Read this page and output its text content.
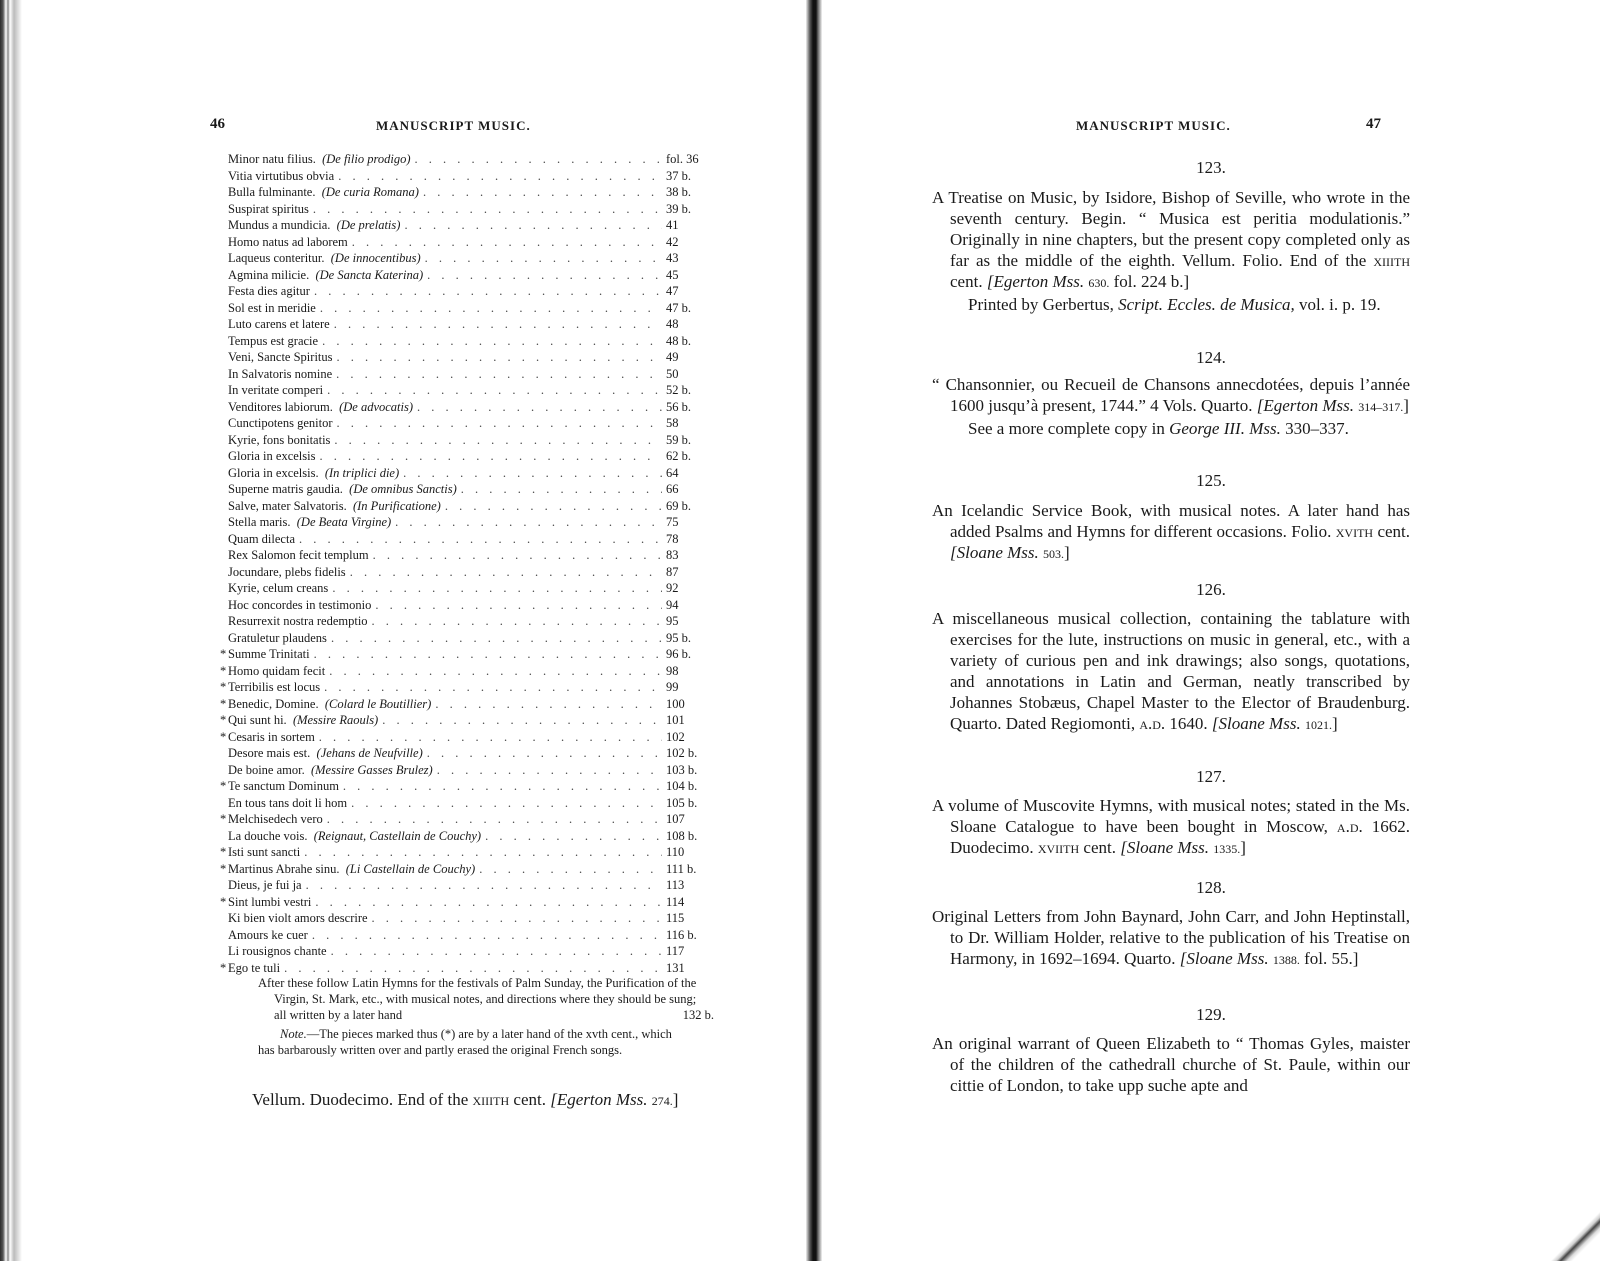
46	MANUSCRIPT MUSIC.
Minor natu filius. (De filio prodigo) . . .	fol. 36
Vitia virtutibus obvia . . .	37 b.
Bulla fulminante. (De curia Romana) . . .	38 b.
Suspirat spiritus . . .	39 b.
Mundus a mundicia. (De prelatis) . . .	41
Homo natus ad laborem . . .	42
Laqueus conteritur. (De innocentibus) . . .	43
Agmina milicie. (De Sancta Katerina) . . .	45
Festa dies agitur . . .	47
Sol est in meridie . . .	47 b.
Luto carens et latere . . .	48
Tempus est gracie . . .	48 b.
Veni, Sancte Spiritus . . .	49
In Salvatoris nomine . . .	50
In veritate comperi . . .	52 b.
Venditores labiorum. (De advocatis) . . .	56 b.
Cunctipotens genitor . . .	58
Kyrie, fons bonitatis . . .	59 b.
Gloria in excelsis . . .	62 b.
Gloria in excelsis. (In triplici die) . . .	64
Superne matris gaudia. (De omnibus Sanctis) . . .	66
Salve, mater Salvatoris. (In Purificatione) . . .	69 b.
Stella maris. (De Beata Virgine) . . .	75
Quam dilecta . . .	78
Rex Salomon fecit templum . . .	83
Jocundare, plebs fidelis . . .	87
Kyrie, celum creans . . .	92
Hoc concordes in testimonio . . .	94
Resurrexit nostra redemptio . . .	95
Gratuletur plaudens . . .	95 b.
* Summe Trinitati . . .	96 b.
* Homo quidam fecit . . .	98
* Terribilis est locus . . .	99
* Benedic, Domine. (Colard le Boutillier) . . .	100
* Qui sunt hi. (Messire Raouls) . . .	101
* Cesaris in sortem . . .	102
Desore mais est. (Jehans de Neufville) . . .	102 b.
De boine amor. (Messire Gasses Brulez) . . .	103 b.
* Te sanctum Dominum . . .	104 b.
En tous tans doit li hom . . .	105 b.
* Melchisedech vero . . .	107
La douche vois. (Reignaut, Castellain de Couchy) . . .	108 b.
* Isti sunt sancti . . .	110
* Martinus Abrahe sinu. (Li Castellain de Couchy) . . .	111 b.
Dieus, je fui ja . . .	113
* Sint lumbi vestri . . .	114
Ki bien violt amors descrire . . .	115
Amours ke cuer . . .	116 b.
Li rousignos chante . . .	117
* Ego te tuli . . .	131
After these follow Latin Hymns for the festivals of Palm Sunday, the Purification of the Virgin, St. Mark, etc., with musical notes, and directions where they should be sung; all written by a later hand	132 b.
Note.—The pieces marked thus (*) are by a later hand of the xvth cent., which has barbarously written over and partly erased the original French songs.
Vellum. Duodecimo. End of the xiiith cent. [Egerton Mss. 274.]
MANUSCRIPT MUSIC.	47
123.

A Treatise on Music, by Isidore, Bishop of Seville, who wrote in the seventh century. Begin. “ Musica est peritia modulationis.” Originally in nine chapters, but the present copy completed only as far as the middle of the eighth. Vellum. Folio. End of the xiiith cent. [Egerton Mss. 630. fol. 224 b.]

Printed by Gerbertus, Script. Eccles. de Musica, vol. i. p. 19.

124.

“ Chansonnier, ou Recueil de Chansons annecdotées, depuis l’année 1600 jusqu’à present, 1744.” 4 Vols. Quarto. [Egerton Mss. 314–317.]

See a more complete copy in George III. Mss. 330–337.

125.

An Icelandic Service Book, with musical notes. A later hand has added Psalms and Hymns for different occasions. Folio. xvith cent. [Sloane Mss. 503.]

126.

A miscellaneous musical collection, containing the tablature with exercises for the lute, instructions on music in general, etc., with a variety of curious pen and ink drawings; also songs, quotations, and annotations in Latin and German, neatly transcribed by Johannes Stobæus, Chapel Master to the Elector of Braudenburg. Quarto. Dated Regiomonti, a.d. 1640. [Sloane Mss. 1021.]

127.

A volume of Muscovite Hymns, with musical notes; stated in the Ms. Sloane Catalogue to have been bought in Moscow, a.d. 1662. Duodecimo. xviith cent. [Sloane Mss. 1335.]

128.

Original Letters from John Baynard, John Carr, and John Heptinstall, to Dr. William Holder, relative to the publication of his Treatise on Harmony, in 1692–1694. Quarto. [Sloane Mss. 1388. fol. 55.]

129.

An original warrant of Queen Elizabeth to “ Thomas Gyles, maister of the children of the cathedrall churche of St. Paule, within our cittie of London, to take upp suche apte and
